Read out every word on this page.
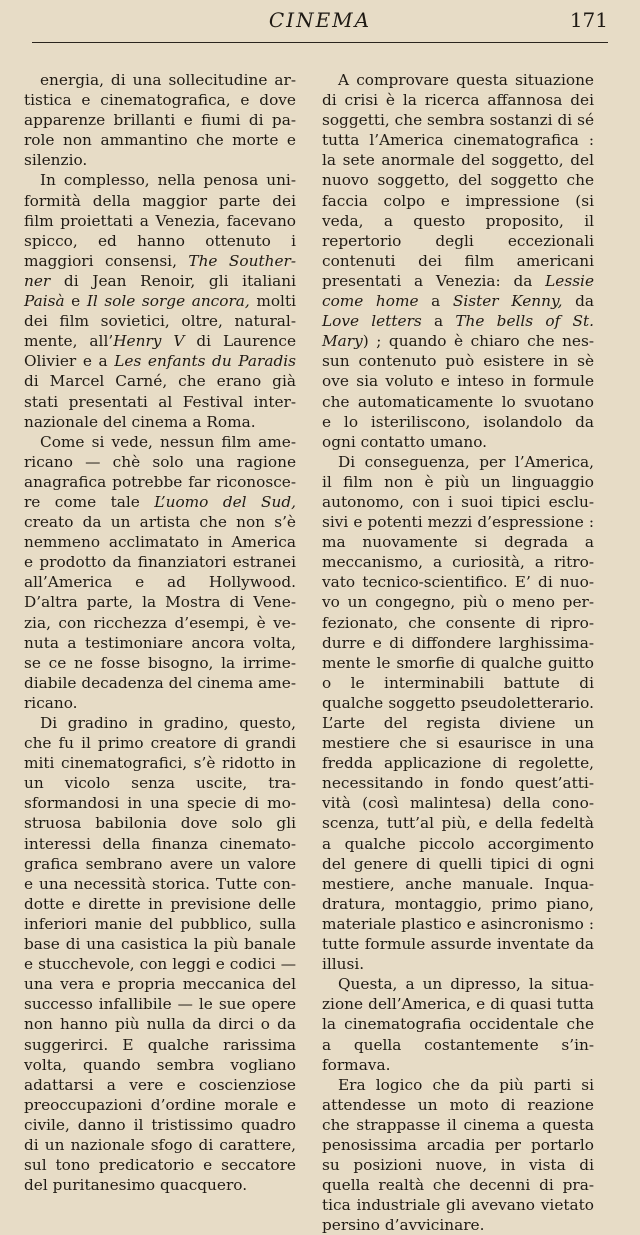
CINEMA	171

energia, di una sollecitudine artistica e cinematografica, e dove apparenze brillanti e fiumi di parole non ammantino che morte e silenzio.

In complesso, nella penosa uniformità della maggior parte dei film proiettati a Venezia, facevano spicco, ed hanno ottenuto i maggiori consensi, The Southerner di Jean Renoir, gli italiani Paisà e Il sole sorge ancora, molti dei film sovietici, oltre, naturalmente, all’Henry V di Laurence Olivier e a Les enfants du Paradis di Marcel Carné, che erano già stati presentati al Festival internazionale del cinema a Roma.

Come si vede, nessun film americano — chè solo una ragione anagrafica potrebbe far riconoscere come tale L’uomo del Sud, creato da un artista che non s’è nemmeno acclimatato in America e prodotto da finanziatori estranei all’America e ad Hollywood. D’altra parte, la Mostra di Venezia, con ricchezza d’esempi, è venuta a testimoniare ancora volta, se ce ne fosse bisogno, la irrimediabile decadenza del cinema americano.

Di gradino in gradino, questo, che fu il primo creatore di grandi miti cinematografici, s’è ridotto in un vicolo senza uscite, trasformandosi in una specie di mostruosa babilonia dove solo gli interessi della finanza cinematografica sembrano avere un valore e una necessità storica. Tutte condotte e dirette in previsione delle inferiori manie del pubblico, sulla base di una casistica la più banale e stucchevole, con leggi e codici — una vera e propria meccanica del successo infallibile — le sue opere non hanno più nulla da dirci o da suggerirci. E qualche rarissima volta, quando sembra vogliano adattarsi a vere e coscienziose preoccupazioni d’ordine morale e civile, danno il tristissimo quadro di un nazionale sfogo di carattere, sul tono predicatorio e seccatore del puritanesimo quacquero.

A comprovare questa situazione di crisi è la ricerca affannosa dei soggetti, che sembra sostanzi di sé tutta l’America cinematografica : la sete anormale del soggetto, del nuovo soggetto, del soggetto che faccia colpo e impressione (si veda, a questo proposito, il repertorio degli eccezionali contenuti dei film americani presentati a Venezia: da Lessie come home a Sister Kenny, da Love letters a The bells of St. Mary) ; quando è chiaro che nessun contenuto può esistere in sè ove sia voluto e inteso in formule che automaticamente lo svuotano e lo isteriliscono, isolandolo da ogni contatto umano.

Di conseguenza, per l’America, il film non è più un linguaggio autonomo, con i suoi tipici esclusivi e potenti mezzi d’espressione : ma nuovamente si degrada a meccanismo, a curiosità, a ritrovato tecnico-scientifico. E’ di nuovo un congegno, più o meno perfezionato, che consente di riprodurre e di diffondere larghissimamente le smorfie di qualche guitto o le interminabili battute di qualche soggetto pseudoletterario. L’arte del regista diviene un mestiere che si esaurisce in una fredda applicazione di regolette, necessitando in fondo quest’attività (così malintesa) della conoscenza, tutt’al più, e della fedeltà a qualche piccolo accorgimento del genere di quelli tipici di ogni mestiere, anche manuale. Inquadratura, montaggio, primo piano, materiale plastico e asincronismo : tutte formule assurde inventate da illusi.

Questa, a un dipresso, la situazione dell’America, e di quasi tutta la cinematografia occidentale che a quella costantemente s’informava.

Era logico che da più parti si attendesse un moto di reazione che strappasse il cinema a questa penosissima arcadia per portarlo su posizioni nuove, in vista di quella realtà che decenni di pratica industriale gli avevano vietato persino d’avvicinare.
